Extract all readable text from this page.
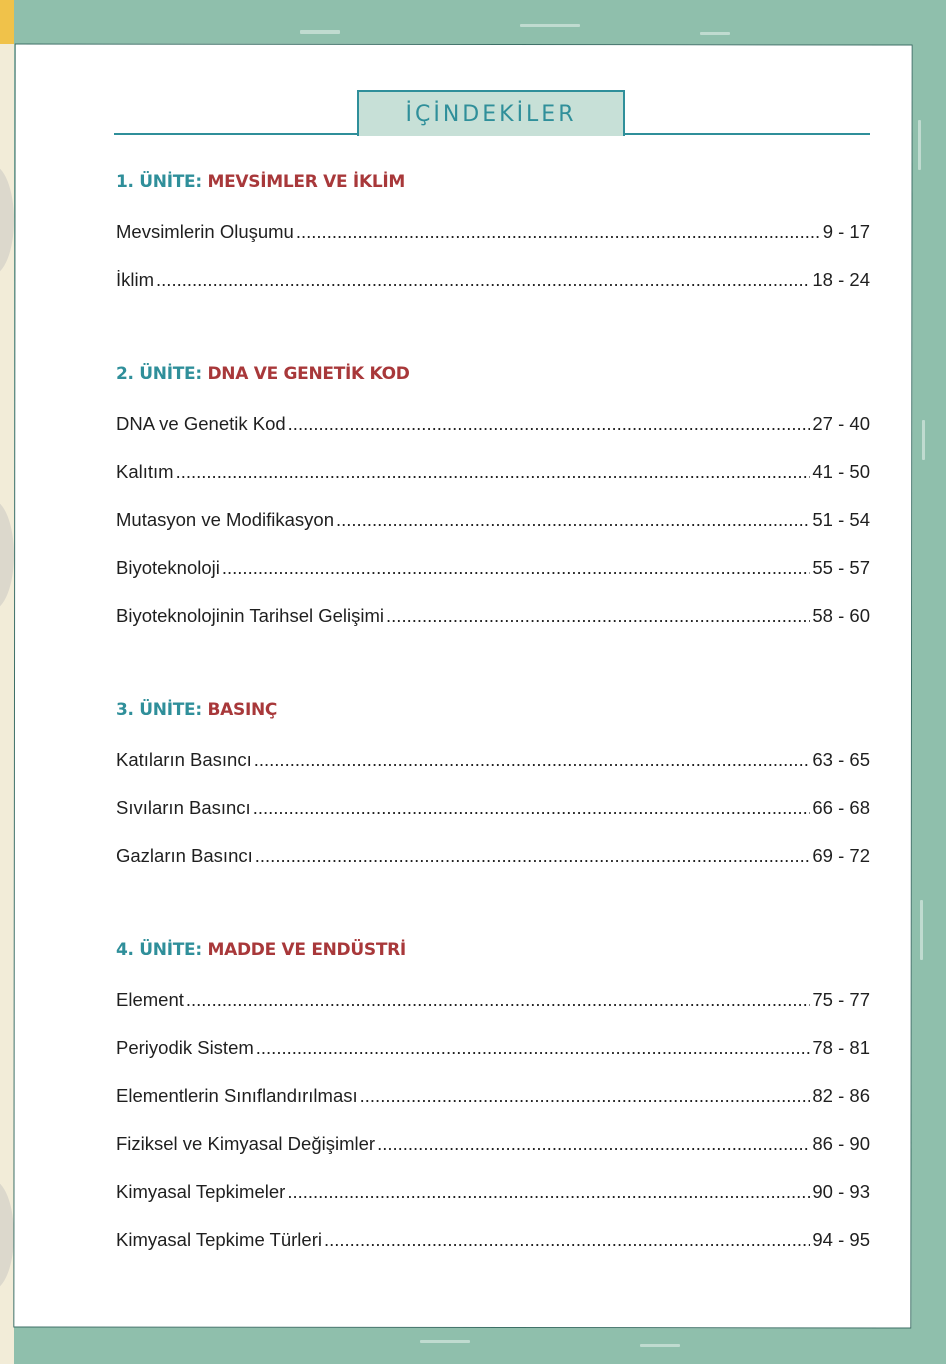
İÇİNDEKİLER
1. ÜNİTE: MEVSİMLER VE İKLİM
Mevsimlerin Oluşumu .....	9 - 17
İklim .....	18 - 24
2. ÜNİTE: DNA VE GENETİK KOD
DNA ve Genetik Kod .....	27 - 40
Kalıtım .....	41 - 50
Mutasyon ve Modifikasyon .....	51 - 54
Biyoteknoloji .....	55 - 57
Biyoteknolojinin Tarihsel Gelişimi .....	58 - 60
3. ÜNİTE: BASINÇ
Katıların Basıncı .....	63 - 65
Sıvıların Basıncı .....	66 - 68
Gazların Basıncı .....	69 - 72
4. ÜNİTE: MADDE VE ENDÜSTRİ
Element .....	75 - 77
Periyodik Sistem .....	78 - 81
Elementlerin Sınıflandırılması .....	82 - 86
Fiziksel ve Kimyasal Değişimler .....	86 - 90
Kimyasal Tepkimeler .....	90 - 93
Kimyasal Tepkime Türleri .....	94 - 95
